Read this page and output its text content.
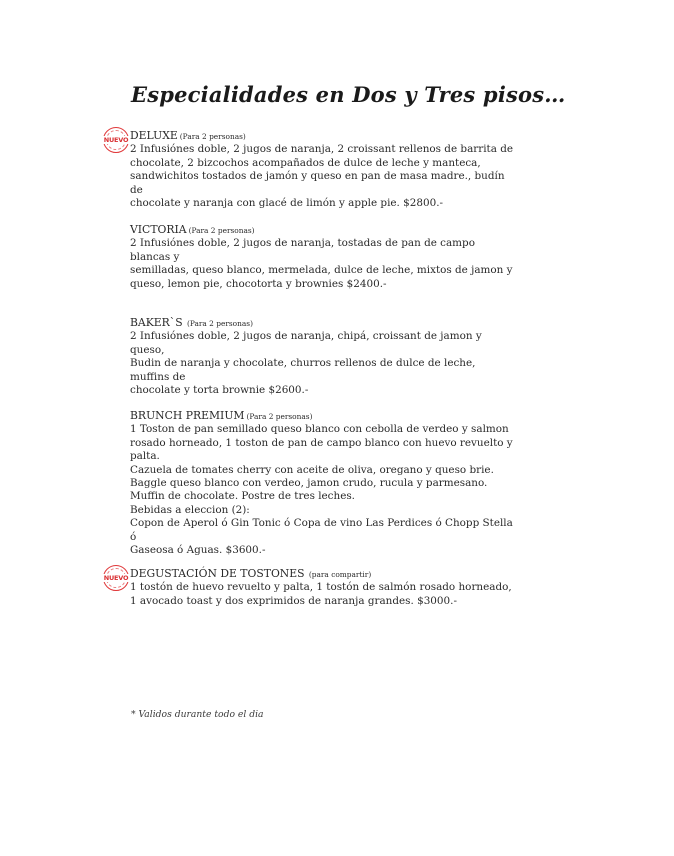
Especialidades en Dos y Tres pisos…
NUEVO DELUXE (Para 2 personas)
2 Infusiónes doble, 2 jugos de naranja, 2 croissant rellenos de barrita de
chocolate, 2 bizcochos acompañados de dulce de leche y manteca,
sandwichitos tostados de jamón y queso en pan de masa madre., budín de
chocolate y naranja con glacé de limón y apple pie. $2800.-
VICTORIA (Para 2 personas)
2 Infusiónes doble, 2 jugos de naranja, tostadas de pan de campo blancas y
semilladas, queso blanco, mermelada, dulce de leche, mixtos de jamon y
queso, lemon pie, chocotorta y brownies $2400.-
BAKER`S (Para 2 personas)
2 Infusiónes doble, 2 jugos de naranja, chipá, croissant de jamon y queso,
Budin de naranja y chocolate, churros rellenos de dulce de leche, muffins de
chocolate y torta brownie $2600.-
BRUNCH PREMIUM (Para 2 personas)
1 Toston de pan semillado queso blanco con cebolla de verdeo y salmon
rosado horneado, 1 toston de pan de campo blanco con huevo revuelto y
palta.
Cazuela de tomates cherry con aceite de oliva, oregano y queso brie.
Baggle queso blanco con verdeo, jamon crudo, rucula y parmesano.
Muffin de chocolate. Postre de tres leches.
Bebidas a eleccion (2):
Copon de Aperol ó Gin Tonic ó Copa de vino Las Perdices ó Chopp Stella ó
Gaseosa ó Aguas. $3600.-
NUEVO DEGUSTACIÓN DE TOSTONES (para compartir)
1 tostón de huevo revuelto y palta, 1 tostón de salmón rosado horneado,
1 avocado toast y dos exprimidos de naranja grandes. $3000.-
* Validos durante todo el dia
